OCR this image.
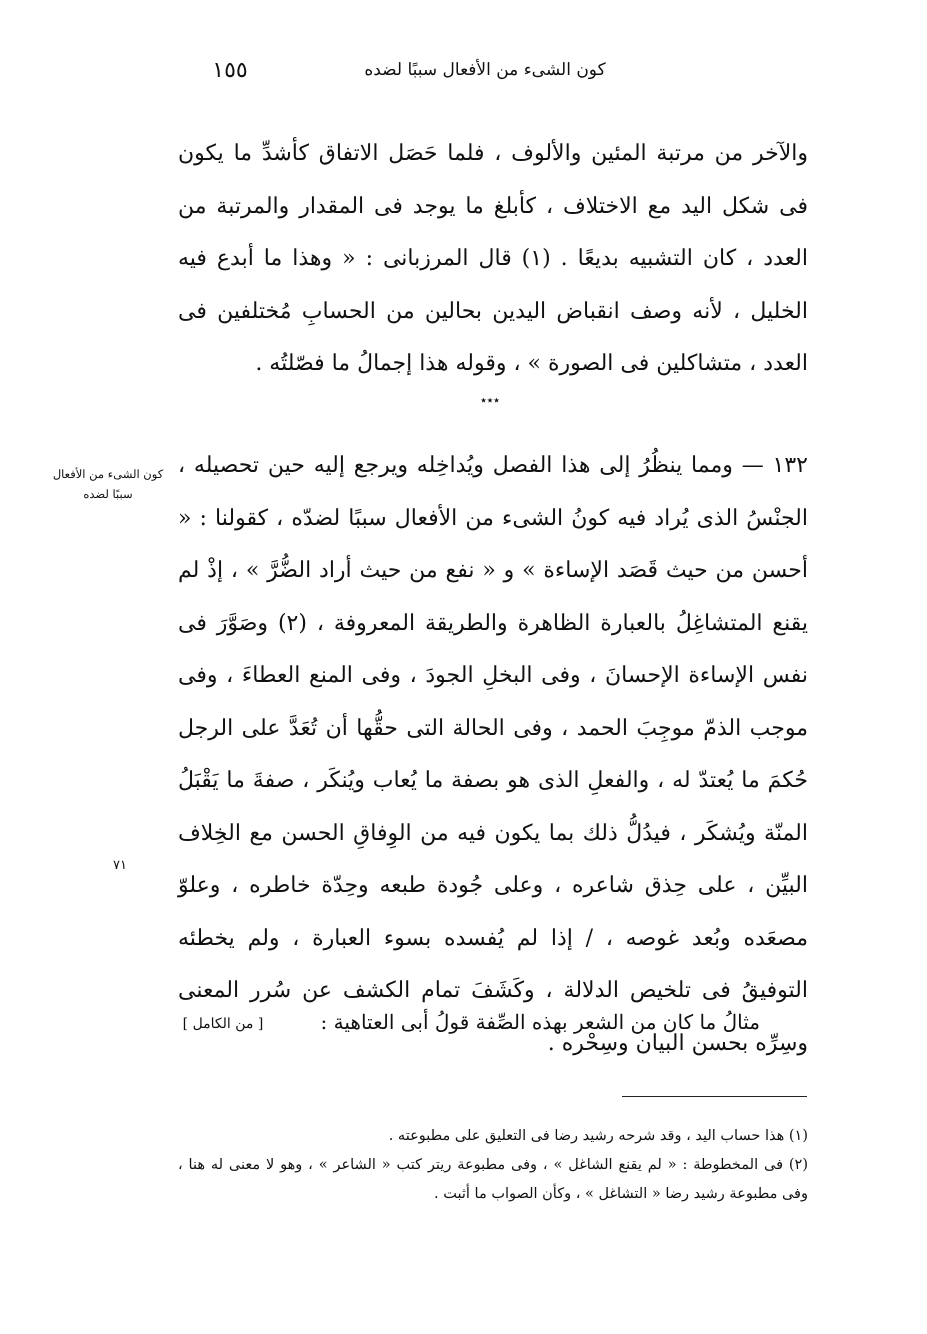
كون الشىء من الأفعال سببًا لضده
١٥٥
والآخر من مرتبة المئين والألوف ، فلما حَصَل الاتفاق كأشدِّ ما يكون فى شكل اليد مع الاختلاف ، كأبلغ ما يوجد فى المقدار والمرتبة من العدد ، كان التشبيه بديعًا . (١) قال المرزبانى : « وهذا ما أبدع فيه الخليل ، لأنه وصف انقباض اليدين بحالين من الحسابِ مُختلفين فى العدد ، متشاكلين فى الصورة » ، وقوله هذا إجمالُ ما فصّلتُه .
٭٭٭
كون الشىء من الأفعال سببًا لضده
١٣٢ — ومما ينظُرُ إلى هذا الفصل ويُداخِله ويرجع إليه حين تحصيله ، الجنْسُ الذى يُراد فيه كونُ الشىء من الأفعال سببًا لضدّه ، كقولنا : « أحسن من حيث قَصَد الإساءة » و « نفع من حيث أراد الضُّرَّ » ، إذْ لم يقنع المتشاغِلُ بالعبارة الظاهرة والطريقة المعروفة ، (٢) وصَوَّرَ فى نفس الإساءة الإحسانَ ، وفى البخلِ الجودَ ، وفى المنع العطاءَ ، وفى موجب الذمّ موجِبَ الحمد ، وفى الحالة التى حقُّها أن تُعَدَّ على الرجل حُكمَ ما يُعتدّ له ، والفعلِ الذى هو بصفة ما يُعاب ويُنكَر ، صفةَ ما يَقْبَلُ المنّة ويُشكَر ، فيدُلُّ ذلك بما يكون فيه من الوِفاقِ الحسن مع الخِلاف البيِّن ، على حِذق شاعره ، وعلى جُودة طبعه وحِدّة خاطره ، وعلوّ مصعَده وبُعد غوصه ، / إذا لم يُفسده بسوء العبارة ، ولم يخطئه التوفيقُ فى تلخيص الدلالة ، وكَشَفَ تمام الكشف عن سُرر المعنى وسِرِّه بحسن البيان وسِحْره .
٧١
مثالُ ما كان من الشعر بهذه الصِّفة قولُ أبى العتاهية :
[ من الكامل ]
(١) هذا حساب اليد ، وقد شرحه رشيد رضا فى التعليق على مطبوعته .
(٢) فى المخطوطة : « لم يقنع الشاغل » ، وفى مطبوعة ريتر كتب « الشاعر » ، وهو لا معنى له هنا ، وفى مطبوعة رشيد رضا « التشاغل » ، وكأن الصواب ما أثبت .
